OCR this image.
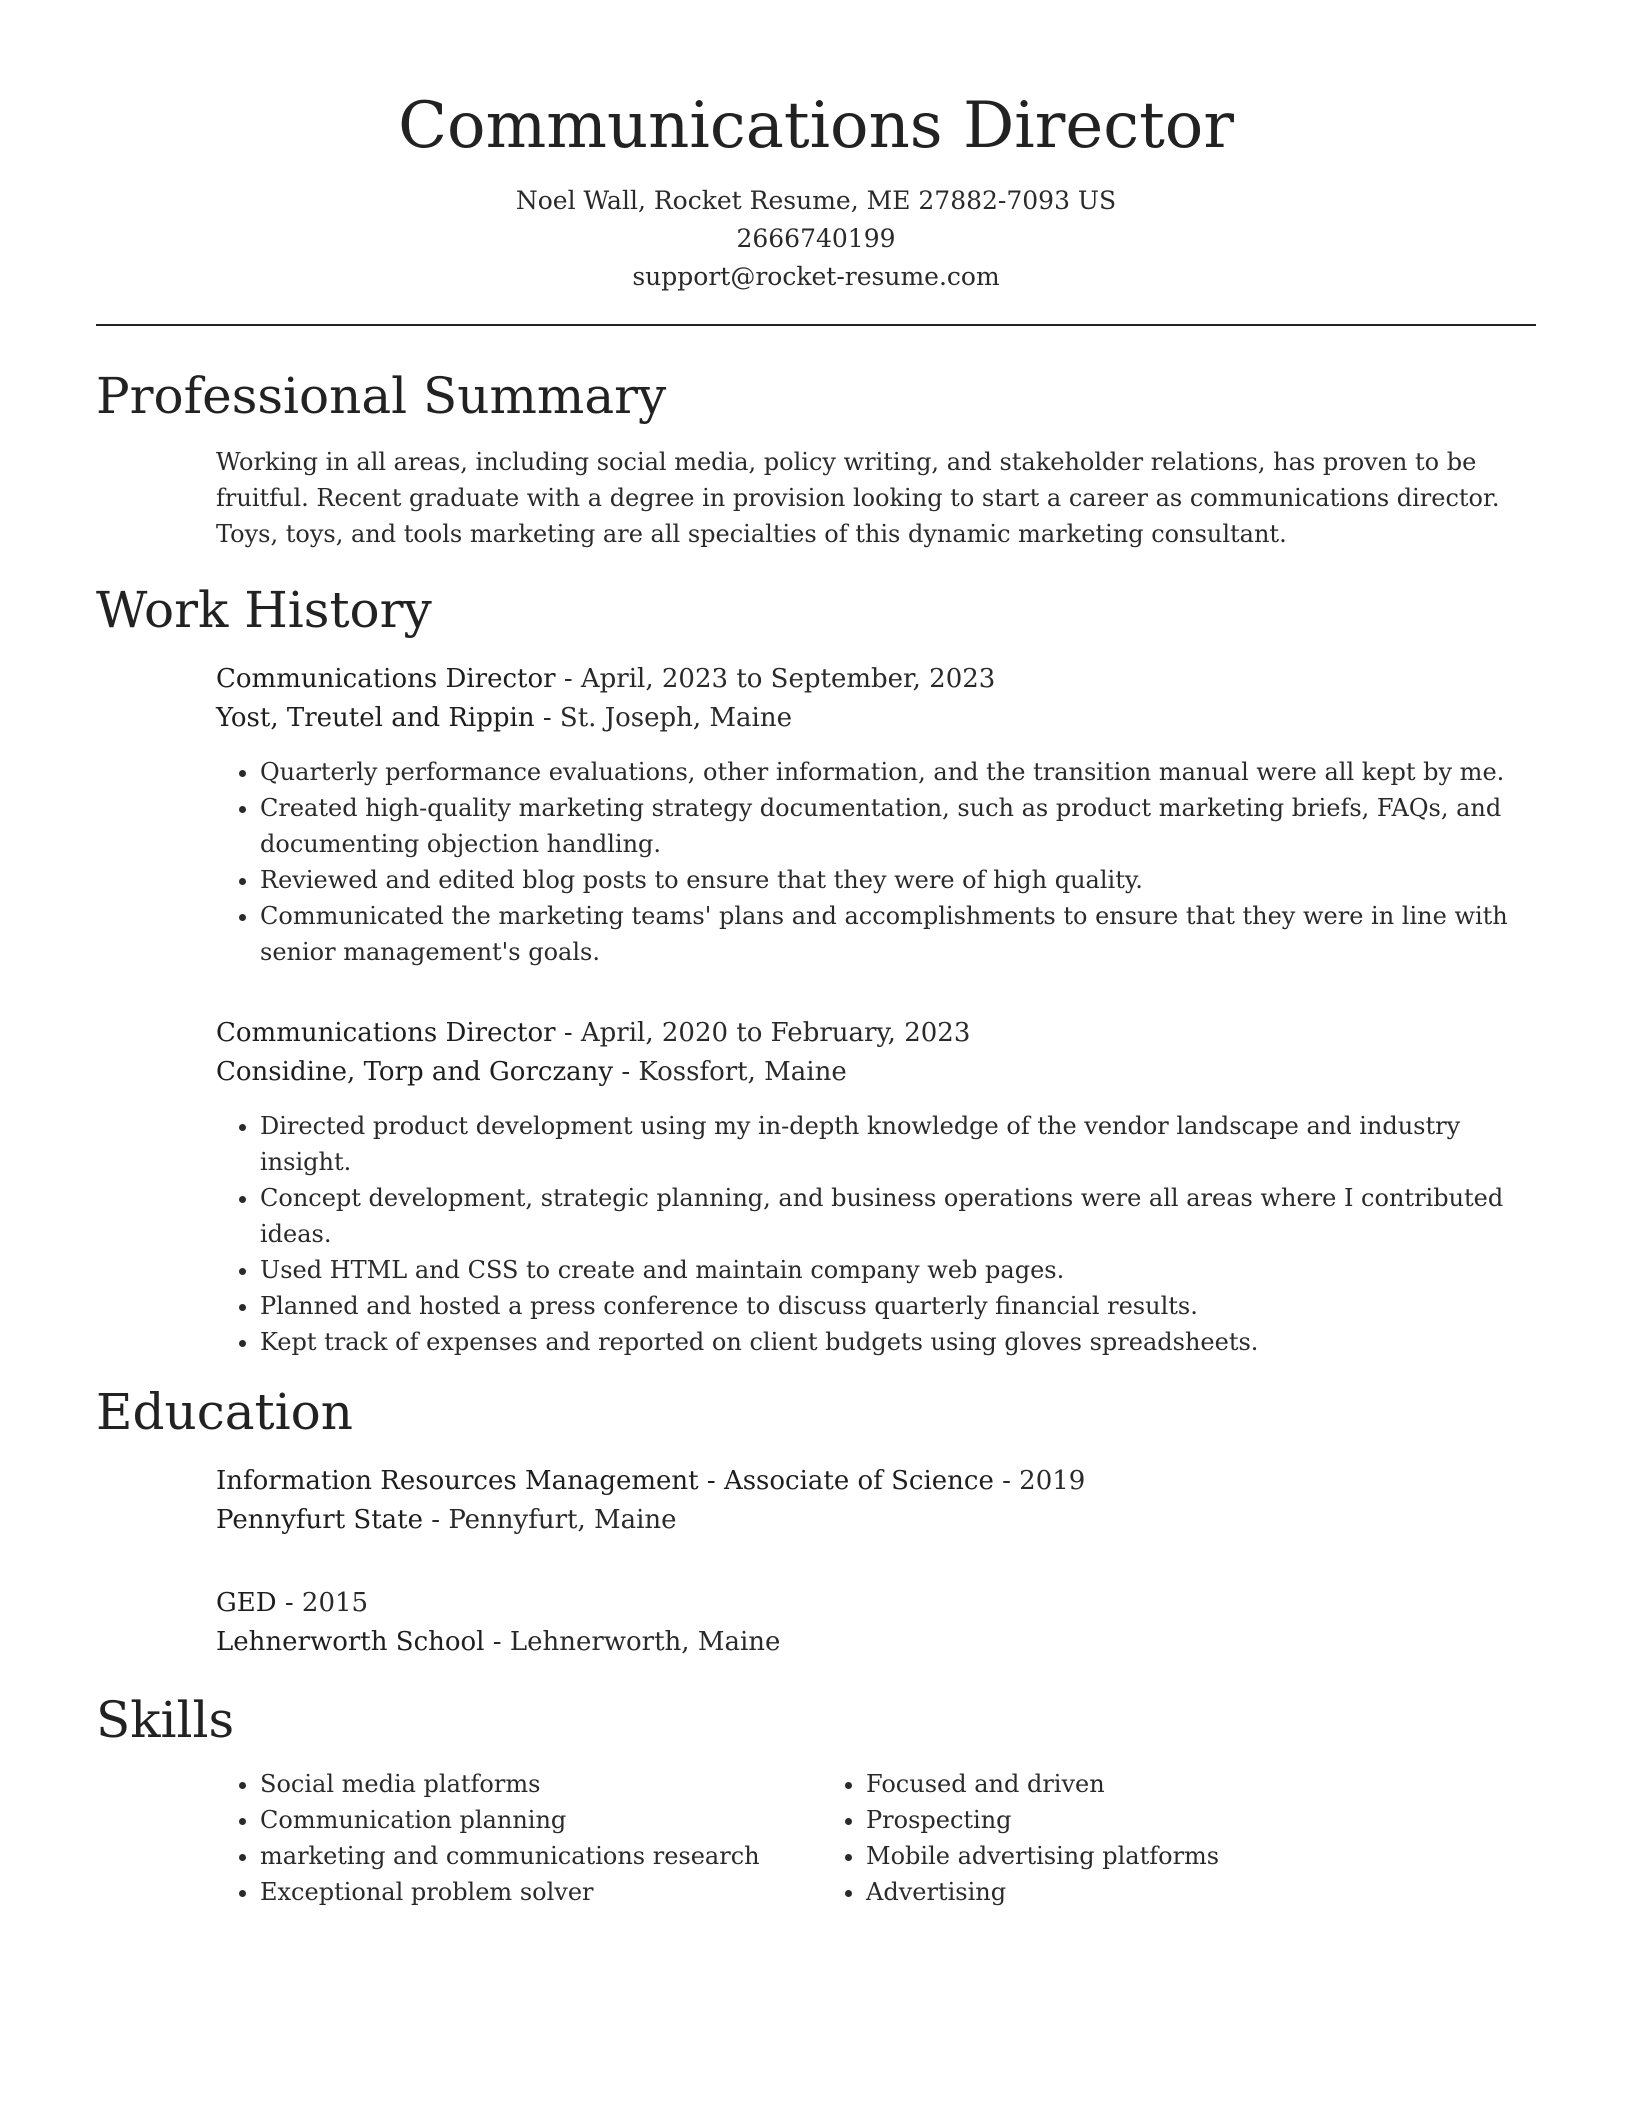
Communications Director
Noel Wall, Rocket Resume, ME 27882-7093 US
2666740199
support@rocket-resume.com
Professional Summary

Working in all areas, including social media, policy writing, and stakeholder relations, has proven to be fruitful. Recent graduate with a degree in provision looking to start a career as communications director. Toys, toys, and tools marketing are all specialties of this dynamic marketing consultant.

Work History
Communications Director - April, 2023 to September, 2023
Yost, Treutel and Rippin - St. Joseph, Maine
• Quarterly performance evaluations, other information, and the transition manual were all kept by me.
• Created high-quality marketing strategy documentation, such as product marketing briefs, FAQs, and documenting objection handling.
• Reviewed and edited blog posts to ensure that they were of high quality.
• Communicated the marketing teams' plans and accomplishments to ensure that they were in line with senior management's goals.
Communications Director - April, 2020 to February, 2023
Considine, Torp and Gorczany - Kossfort, Maine
• Directed product development using my in-depth knowledge of the vendor landscape and industry insight.
• Concept development, strategic planning, and business operations were all areas where I contributed ideas.
• Used HTML and CSS to create and maintain company web pages.
• Planned and hosted a press conference to discuss quarterly financial results.
• Kept track of expenses and reported on client budgets using gloves spreadsheets.
Education
Information Resources Management - Associate of Science - 2019
Pennyfurt State - Pennyfurt, Maine
GED - 2015
Lehnerworth School - Lehnerworth, Maine
Skills
• Social media platforms
• Communication planning
• marketing and communications research
• Exceptional problem solver
• Focused and driven
• Prospecting
• Mobile advertising platforms
• Advertising
